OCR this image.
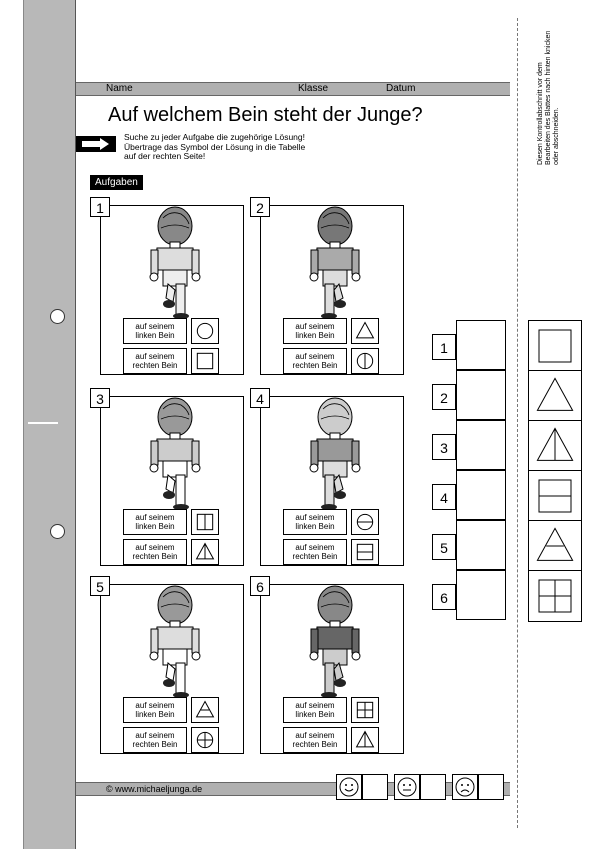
Name	Klasse	Datum
Auf welchem Bein steht der Junge?
Suche zu jeder Aufgabe die zugehörige Lösung!
Übertrage das Symbol der Lösung in die Tabelle
auf der rechten Seite!
Aufgaben
auf seinem
linken Bein
auf seinem
rechten Bein
1
auf seinem
linken Bein
auf seinem
rechten Bein
2
auf seinem
linken Bein
auf seinem
rechten Bein
3
auf seinem
linken Bein
auf seinem
rechten Bein
4
auf seinem
linken Bein
auf seinem
rechten Bein
5
auf seinem
linken Bein
auf seinem
rechten Bein
6
1
2
3
4
5
6
Diesen Kontrollabschnitt vor dem Bearbeiten des Blattes nach hinten knicken oder abschneiden.
© www.michaeljunga.de
